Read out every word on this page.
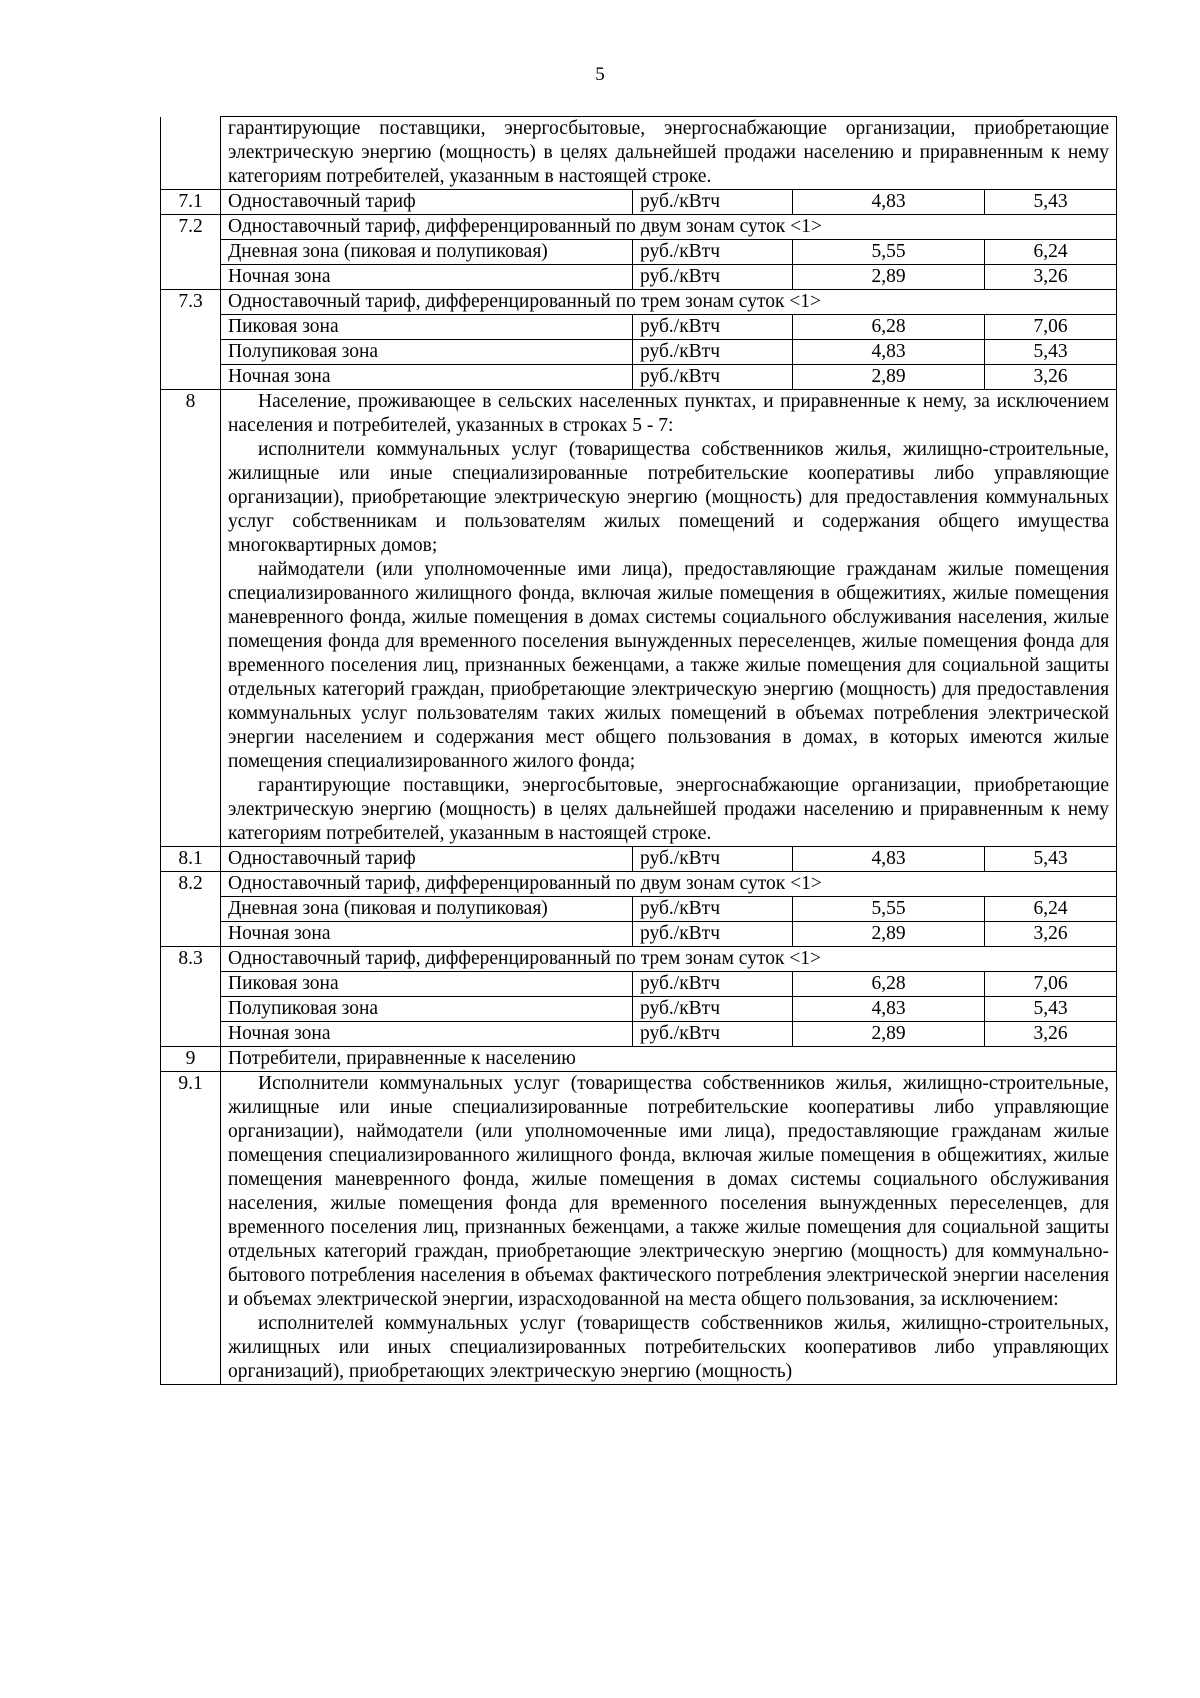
5

	гарантирующие поставщики, энергосбытовые, энергоснабжающие организации, приобретающие электрическую энергию (мощность) в целях дальнейшей продажи населению и приравненным к нему категориям потребителей, указанным в настоящей строке.			

7.1	Одноставочный тариф	руб./кВтч	4,83	5,43
7.2	Одноставочный тариф, дифференцированный по двум зонам суток <1>			
	Дневная зона (пиковая и полупиковая)	руб./кВтч	5,55	6,24
	Ночная зона	руб./кВтч	2,89	3,26
7.3	Одноставочный тариф, дифференцированный по трем зонам суток <1>			
	Пиковая зона	руб./кВтч	6,28	7,06
	Полупиковая зона	руб./кВтч	4,83	5,43
	Ночная зона	руб./кВтч	2,89	3,26
8	Население, проживающее в сельских населенных пунктах, и приравненные к нему, за исключением населения и потребителей, указанных в строках 5 - 7:

исполнители коммунальных услуг (товарищества собственников жилья, жилищно-строительные, жилищные или иные специализированные потребительские кооперативы либо управляющие организации), приобретающие электрическую энергию (мощность) для предоставления коммунальных услуг собственникам и пользователям жилых помещений и содержания общего имущества многоквартирных домов;

наймодатели (или уполномоченные ими лица), предоставляющие гражданам жилые помещения специализированного жилищного фонда, включая жилые помещения в общежитиях, жилые помещения маневренного фонда, жилые помещения в домах системы социального обслуживания населения, жилые помещения фонда для временного поселения вынужденных переселенцев, жилые помещения фонда для временного поселения лиц, признанных беженцами, а также жилые помещения для социальной защиты отдельных категорий граждан, приобретающие электрическую энергию (мощность) для предоставления коммунальных услуг пользователям таких жилых помещений в объемах потребления электрической энергии населением и содержания мест общего пользования в домах, в которых имеются жилые помещения специализированного жилого фонда;

гарантирующие поставщики, энергосбытовые, энергоснабжающие организации, приобретающие электрическую энергию (мощность) в целях дальнейшей продажи населению и приравненным к нему категориям потребителей, указанным в настоящей строке.			

8.1	Одноставочный тариф	руб./кВтч	4,83	5,43
8.2	Одноставочный тариф, дифференцированный по двум зонам суток <1>			
	Дневная зона (пиковая и полупиковая)	руб./кВтч	5,55	6,24
	Ночная зона	руб./кВтч	2,89	3,26
8.3	Одноставочный тариф, дифференцированный по трем зонам суток <1>			
	Пиковая зона	руб./кВтч	6,28	7,06
	Полупиковая зона	руб./кВтч	4,83	5,43
	Ночная зона	руб./кВтч	2,89	3,26
9	Потребители, приравненные к населению			
9.1	Исполнители коммунальных услуг (товарищества собственников жилья, жилищно-строительные, жилищные или иные специализированные потребительские кооперативы либо управляющие организации), наймодатели (или уполномоченные ими лица), предоставляющие гражданам жилые помещения специализированного жилищного фонда, включая жилые помещения в общежитиях, жилые помещения маневренного фонда, жилые помещения в домах системы социального обслуживания населения, жилые помещения фонда для временного поселения вынужденных переселенцев, для временного поселения лиц, признанных беженцами, а также жилые помещения для социальной защиты отдельных категорий граждан, приобретающие электрическую энергию (мощность) для коммунально-бытового потребления населения в объемах фактического потребления электрической энергии населения и объемах электрической энергии, израсходованной на места общего пользования, за исключением:

исполнителей коммунальных услуг (товариществ собственников жилья, жилищно-строительных, жилищных или иных специализированных потребительских кооперативов либо управляющих организаций), приобретающих электрическую энергию (мощность)			
